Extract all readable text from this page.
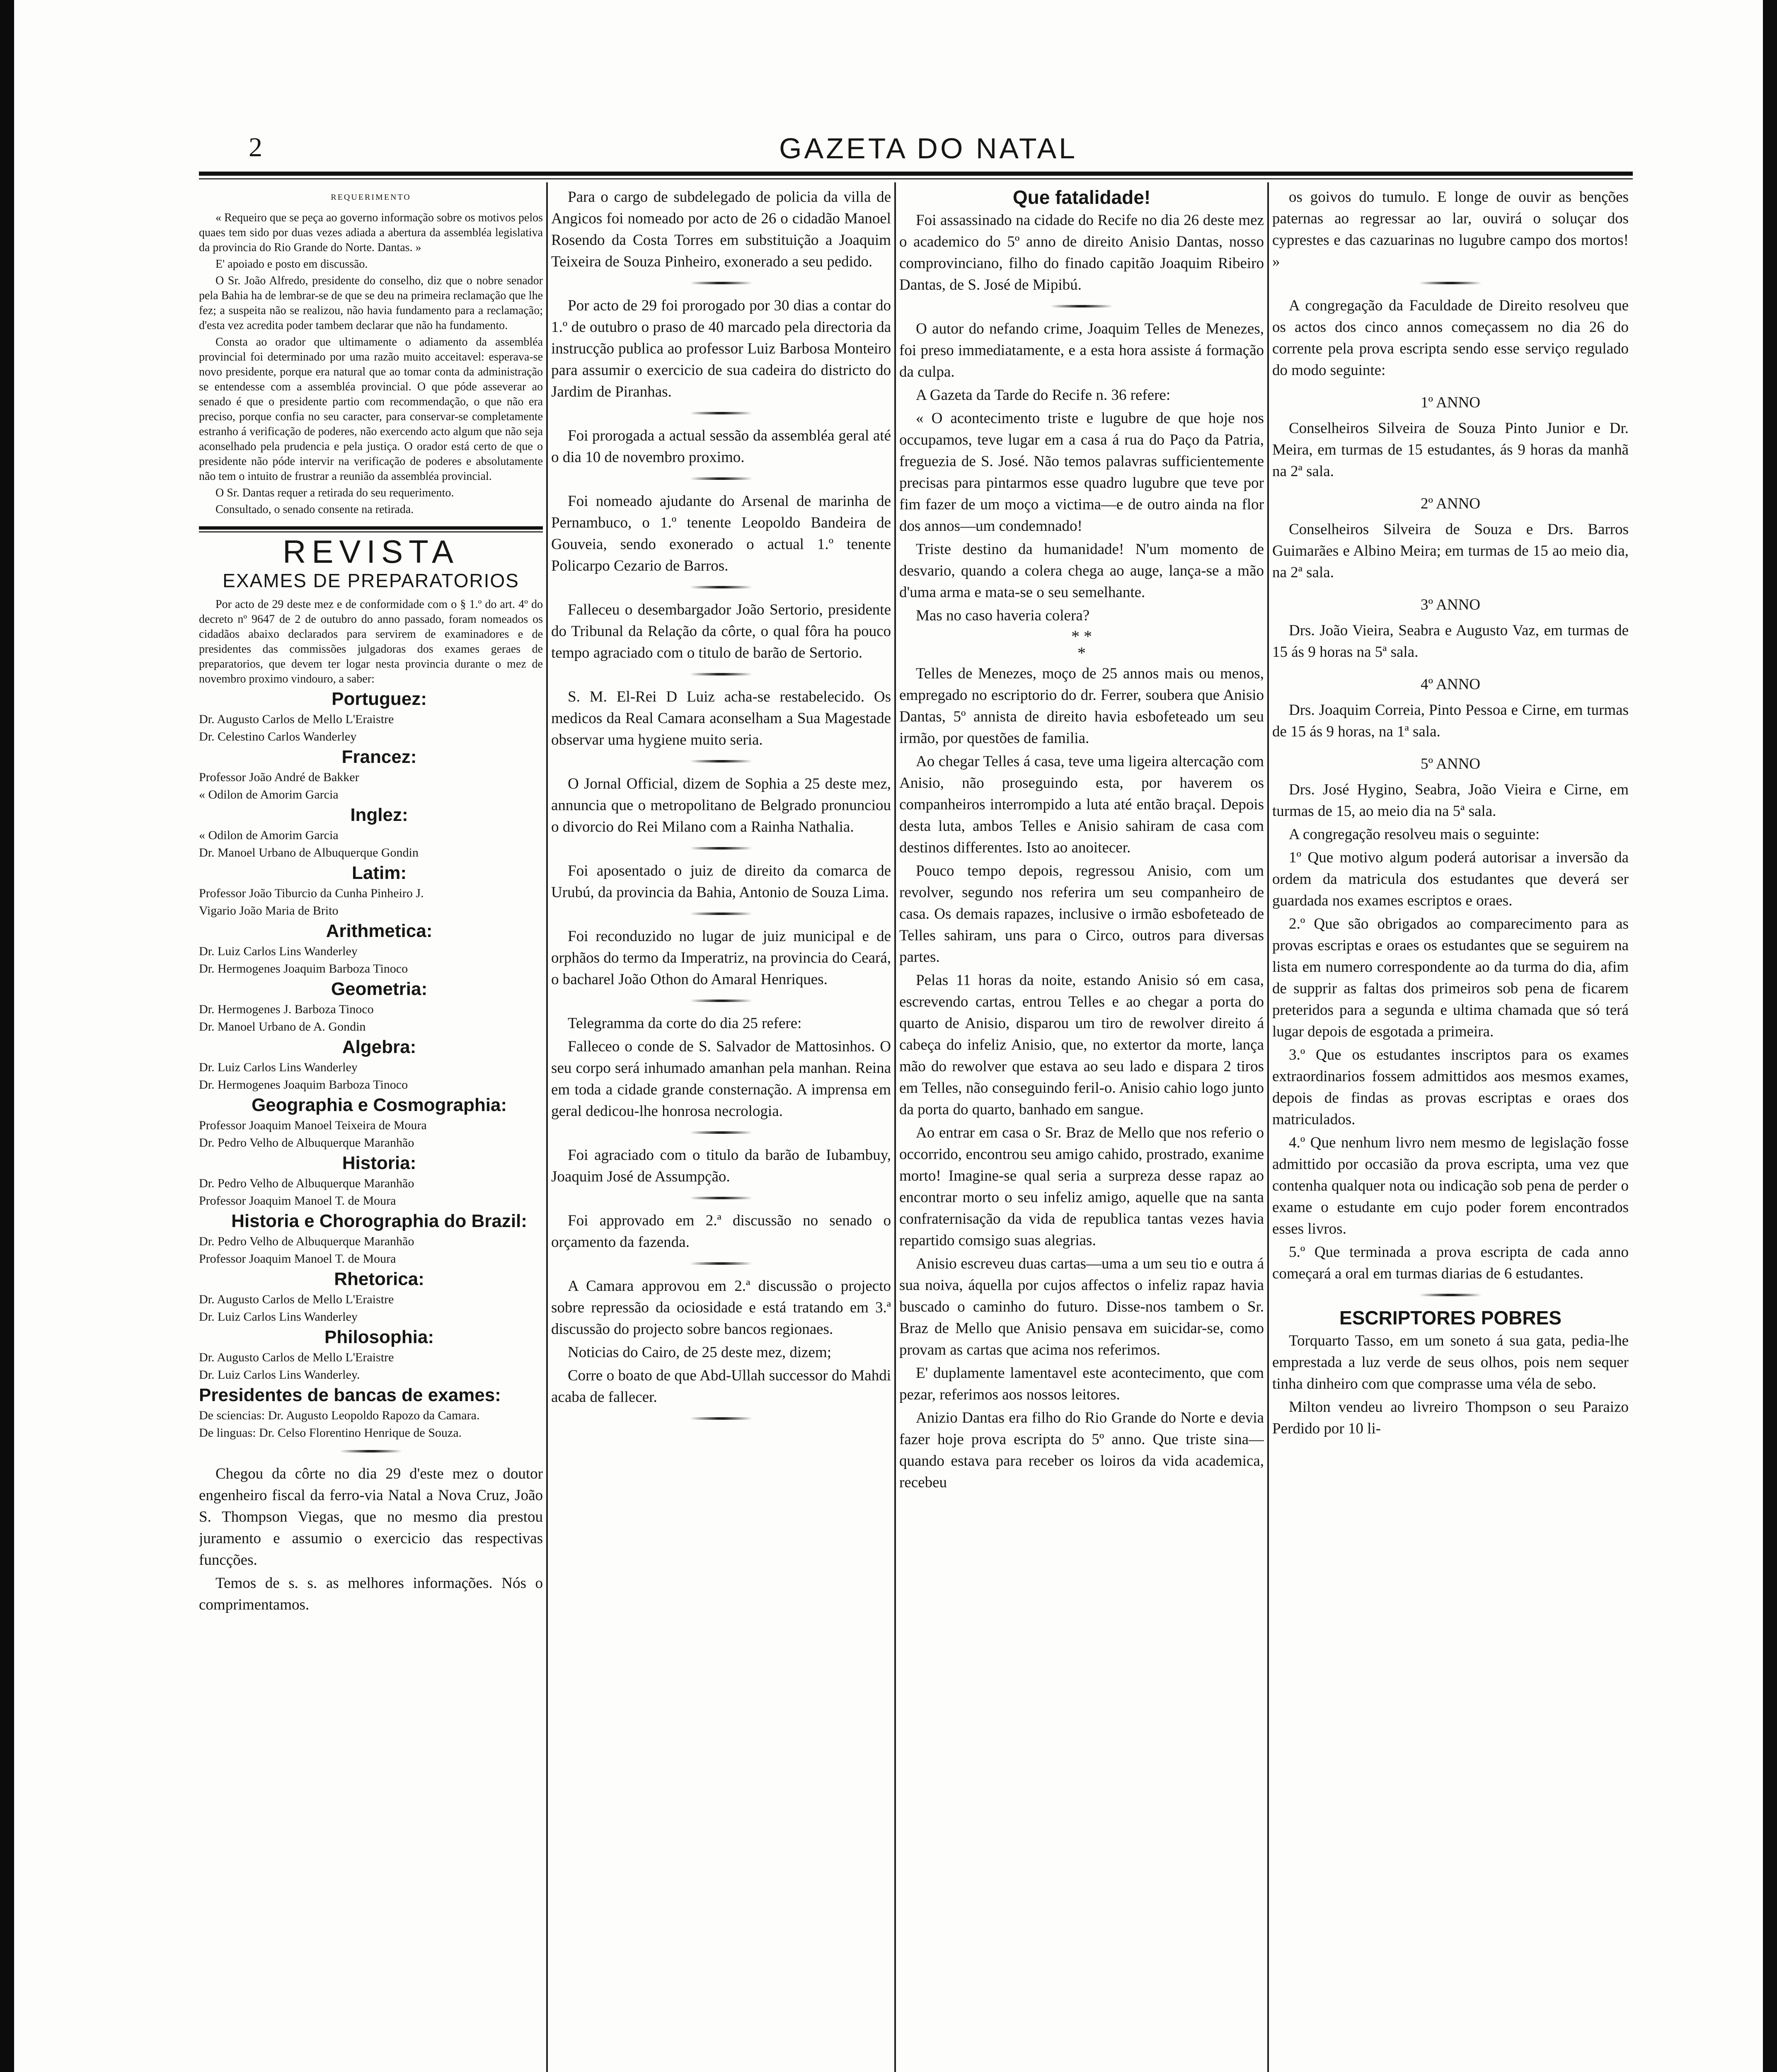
2	GAZETA DO NATAL
REQUERIMENTO

« Requeiro que se peça ao governo informação sobre os motivos pelos quaes tem sido por duas vezes adiada a abertura da assembléa legislativa da provincia do Rio Grande do Norte. Dantas. »

E' apoiado e posto em discussão.

O Sr. João Alfredo, presidente do conselho, diz que o nobre senador pela Bahia ha de lembrar-se de que se deu na primeira reclamação que lhe fez; a suspeita não se realizou, não havia fundamento para a reclamação; d'esta vez acredita poder tambem declarar que não ha fundamento.

Consta ao orador que ultimamente o adiamento da assembléa provincial foi determinado por uma razão muito acceitavel: esperava-se novo presidente, porque era natural que ao tomar conta da administração se entendesse com a assembléa provincial. O que póde asseverar ao senado é que o presidente partio com recommendação, o que não era preciso, porque confia no seu caracter, para conservar-se completamente estranho á verificação de poderes, não exercendo acto algum que não seja aconselhado pela prudencia e pela justiça. O orador está certo de que o presidente não póde intervir na verificação de poderes e absolutamente não tem o intuito de frustrar a reunião da assembléa provincial.

O Sr. Dantas requer a retirada do seu requerimento.

Consultado, o senado consente na retirada.

REVISTA
EXAMES DE PREPARATORIOS

Por acto de 29 deste mez e de conformidade com o § 1.º do art. 4º do decreto nº 9647 de 2 de outubro do anno passado, foram nomeados os cidadãos abaixo declarados para servirem de examinadores e de presidentes das commissões julgadoras dos exames geraes de preparatorios, que devem ter logar nesta provincia durante o mez de novembro proximo vindouro, a saber:

Portuguez:

Dr. Augusto Carlos de Mello L'Eraistre

Dr. Celestino Carlos Wanderley

Francez:

Professor João André de Bakker

« Odilon de Amorim Garcia

Inglez:

« Odilon de Amorim Garcia

Dr. Manoel Urbano de Albuquerque Gondin

Latim:

Professor João Tiburcio da Cunha Pinheiro J.

Vigario João Maria de Brito

Arithmetica:

Dr. Luiz Carlos Lins Wanderley

Dr. Hermogenes Joaquim Barboza Tinoco

Geometria:

Dr. Hermogenes J. Barboza Tinoco

Dr. Manoel Urbano de A. Gondin

Algebra:

Dr. Luiz Carlos Lins Wanderley

Dr. Hermogenes Joaquim Barboza Tinoco

Geographia e Cosmographia:

Professor Joaquim Manoel Teixeira de Moura

Dr. Pedro Velho de Albuquerque Maranhão

Historia:

Dr. Pedro Velho de Albuquerque Maranhão

Professor Joaquim Manoel T. de Moura

Historia e Chorographia do Brazil:

Dr. Pedro Velho de Albuquerque Maranhão

Professor Joaquim Manoel T. de Moura

Rhetorica:

Dr. Augusto Carlos de Mello L'Eraistre

Dr. Luiz Carlos Lins Wanderley

Philosophia:

Dr. Augusto Carlos de Mello L'Eraistre

Dr. Luiz Carlos Lins Wanderley.

Presidentes de bancas de exames:

De sciencias: Dr. Augusto Leopoldo Rapozo da Camara.

De linguas: Dr. Celso Florentino Henrique de Souza.

Chegou da côrte no dia 29 d'este mez o doutor engenheiro fiscal da ferro-via Natal a Nova Cruz, João S. Thompson Viegas, que no mesmo dia prestou juramento e assumio o exercicio das respectivas funcções.

Temos de s. s. as melhores informações. Nós o comprimentamos.

Para o cargo de subdelegado de policia da villa de Angicos foi nomeado por acto de 26 o cidadão Manoel Rosendo da Costa Torres em substituição a Joaquim Teixeira de Souza Pinheiro, exonerado a seu pedido.

Por acto de 29 foi prorogado por 30 dias a contar do 1.º de outubro o praso de 40 marcado pela directoria da instrucção publica ao professor Luiz Barbosa Monteiro para assumir o exercicio de sua cadeira do districto do Jardim de Piranhas.

Foi prorogada a actual sessão da assembléa geral até o dia 10 de novembro proximo.

Foi nomeado ajudante do Arsenal de marinha de Pernambuco, o 1.º tenente Leopoldo Bandeira de Gouveia, sendo exonerado o actual 1.º tenente Policarpo Cezario de Barros.

Falleceu o desembargador João Sertorio, presidente do Tribunal da Relação da côrte, o qual fôra ha pouco tempo agraciado com o titulo de barão de Sertorio.

S. M. El-Rei D Luiz acha-se restabelecido. Os medicos da Real Camara aconselham a Sua Magestade observar uma hygiene muito seria.

O Jornal Official, dizem de Sophia a 25 deste mez, annuncia que o metropolitano de Belgrado pronunciou o divorcio do Rei Milano com a Rainha Nathalia.

Foi aposentado o juiz de direito da comarca de Urubú, da provincia da Bahia, Antonio de Souza Lima.

Foi reconduzido no lugar de juiz municipal e de orphãos do termo da Imperatriz, na provincia do Ceará, o bacharel João Othon do Amaral Henriques.

Telegramma da corte do dia 25 refere:

Falleceo o conde de S. Salvador de Mattosinhos. O seu corpo será inhumado amanhan pela manhan. Reina em toda a cidade grande consternação. A imprensa em geral dedicou-lhe honrosa necrologia.

Foi agraciado com o titulo da barão de Iubambuy, Joaquim José de Assumpção.

Foi approvado em 2.ª discussão no senado o orçamento da fazenda.

A Camara approvou em 2.ª discussão o projecto sobre repressão da ociosidade e está tratando em 3.ª discussão do projecto sobre bancos regionaes.

Noticias do Cairo, de 25 deste mez, dizem;

Corre o boato de que Abd-Ullah successor do Mahdi acaba de fallecer.

Que fatalidade!

Foi assassinado na cidade do Recife no dia 26 deste mez o academico do 5º anno de direito Anisio Dantas, nosso comprovinciano, filho do finado capitão Joaquim Ribeiro Dantas, de S. José de Mipibú.

O autor do nefando crime, Joaquim Telles de Menezes, foi preso immediatamente, e a esta hora assiste á formação da culpa.

A Gazeta da Tarde do Recife n. 36 refere:

« O acontecimento triste e lugubre de que hoje nos occupamos, teve lugar em a casa á rua do Paço da Patria, freguezia de S. José. Não temos palavras sufficientemente precisas para pintarmos esse quadro lugubre que teve por fim fazer de um moço a victima—e de outro ainda na flor dos annos—um condemnado!

Triste destino da humanidade! N'um momento de desvario, quando a colera chega ao auge, lança-se a mão d'uma arma e mata-se o seu semelhante.

Mas no caso haveria colera?

* *
*

Telles de Menezes, moço de 25 annos mais ou menos, empregado no escriptorio do dr. Ferrer, soubera que Anisio Dantas, 5º annista de direito havia esbofeteado um seu irmão, por questões de familia.

Ao chegar Telles á casa, teve uma ligeira altercação com Anisio, não proseguindo esta, por haverem os companheiros interrompido a luta até então braçal. Depois desta luta, ambos Telles e Anisio sahiram de casa com destinos differentes. Isto ao anoitecer.

Pouco tempo depois, regressou Anisio, com um revolver, segundo nos referira um seu companheiro de casa. Os demais rapazes, inclusive o irmão esbofeteado de Telles sahiram, uns para o Circo, outros para diversas partes.

Pelas 11 horas da noite, estando Anisio só em casa, escrevendo cartas, entrou Telles e ao chegar a porta do quarto de Anisio, disparou um tiro de rewolver direito á cabeça do infeliz Anisio, que, no extertor da morte, lança mão do rewolver que estava ao seu lado e dispara 2 tiros em Telles, não conseguindo feril-o. Anisio cahio logo junto da porta do quarto, banhado em sangue.

Ao entrar em casa o Sr. Braz de Mello que nos referio o occorrido, encontrou seu amigo cahido, prostrado, exanime morto! Imagine-se qual seria a surpreza desse rapaz ao encontrar morto o seu infeliz amigo, aquelle que na santa confraternisação da vida de republica tantas vezes havia repartido comsigo suas alegrias.

Anisio escreveu duas cartas—uma a um seu tio e outra á sua noiva, áquella por cujos affectos o infeliz rapaz havia buscado o caminho do futuro. Disse-nos tambem o Sr. Braz de Mello que Anisio pensava em suicidar-se, como provam as cartas que acima nos referimos.

E' duplamente lamentavel este acontecimento, que com pezar, referimos aos nossos leitores.

Anizio Dantas era filho do Rio Grande do Norte e devia fazer hoje prova escripta do 5º anno. Que triste sina—quando estava para receber os loiros da vida academica, recebeu

os goivos do tumulo. E longe de ouvir as benções paternas ao regressar ao lar, ouvirá o soluçar dos cyprestes e das cazuarinas no lugubre campo dos mortos! »

A congregação da Faculdade de Direito resolveu que os actos dos cinco annos começassem no dia 26 do corrente pela prova escripta sendo esse serviço regulado do modo seguinte:

1º ANNO

Conselheiros Silveira de Souza Pinto Junior e Dr. Meira, em turmas de 15 estudantes, ás 9 horas da manhã na 2ª sala.

2º ANNO

Conselheiros Silveira de Souza e Drs. Barros Guimarães e Albino Meira; em turmas de 15 ao meio dia, na 2ª sala.

3º ANNO

Drs. João Vieira, Seabra e Augusto Vaz, em turmas de 15 ás 9 horas na 5ª sala.

4º ANNO

Drs. Joaquim Correia, Pinto Pessoa e Cirne, em turmas de 15 ás 9 horas, na 1ª sala.

5º ANNO

Drs. José Hygino, Seabra, João Vieira e Cirne, em turmas de 15, ao meio dia na 5ª sala.

A congregação resolveu mais o seguinte:

1º Que motivo algum poderá autorisar a inversão da ordem da matricula dos estudantes que deverá ser guardada nos exames escriptos e oraes.

2.º Que são obrigados ao comparecimento para as provas escriptas e oraes os estudantes que se seguirem na lista em numero correspondente ao da turma do dia, afim de supprir as faltas dos primeiros sob pena de ficarem preteridos para a segunda e ultima chamada que só terá lugar depois de esgotada a primeira.

3.º Que os estudantes inscriptos para os exames extraordinarios fossem admittidos aos mesmos exames, depois de findas as provas escriptas e oraes dos matriculados.

4.º Que nenhum livro nem mesmo de legislação fosse admittido por occasião da prova escripta, uma vez que contenha qualquer nota ou indicação sob pena de perder o exame o estudante em cujo poder forem encontrados esses livros.

5.º Que terminada a prova escripta de cada anno começará a oral em turmas diarias de 6 estudantes.

ESCRIPTORES POBRES

Torquarto Tasso, em um soneto á sua gata, pedia-lhe emprestada a luz verde de seus olhos, pois nem sequer tinha dinheiro com que comprasse uma véla de sebo.

Milton vendeu ao livreiro Thompson o seu Paraizo Perdido por 10 li-
